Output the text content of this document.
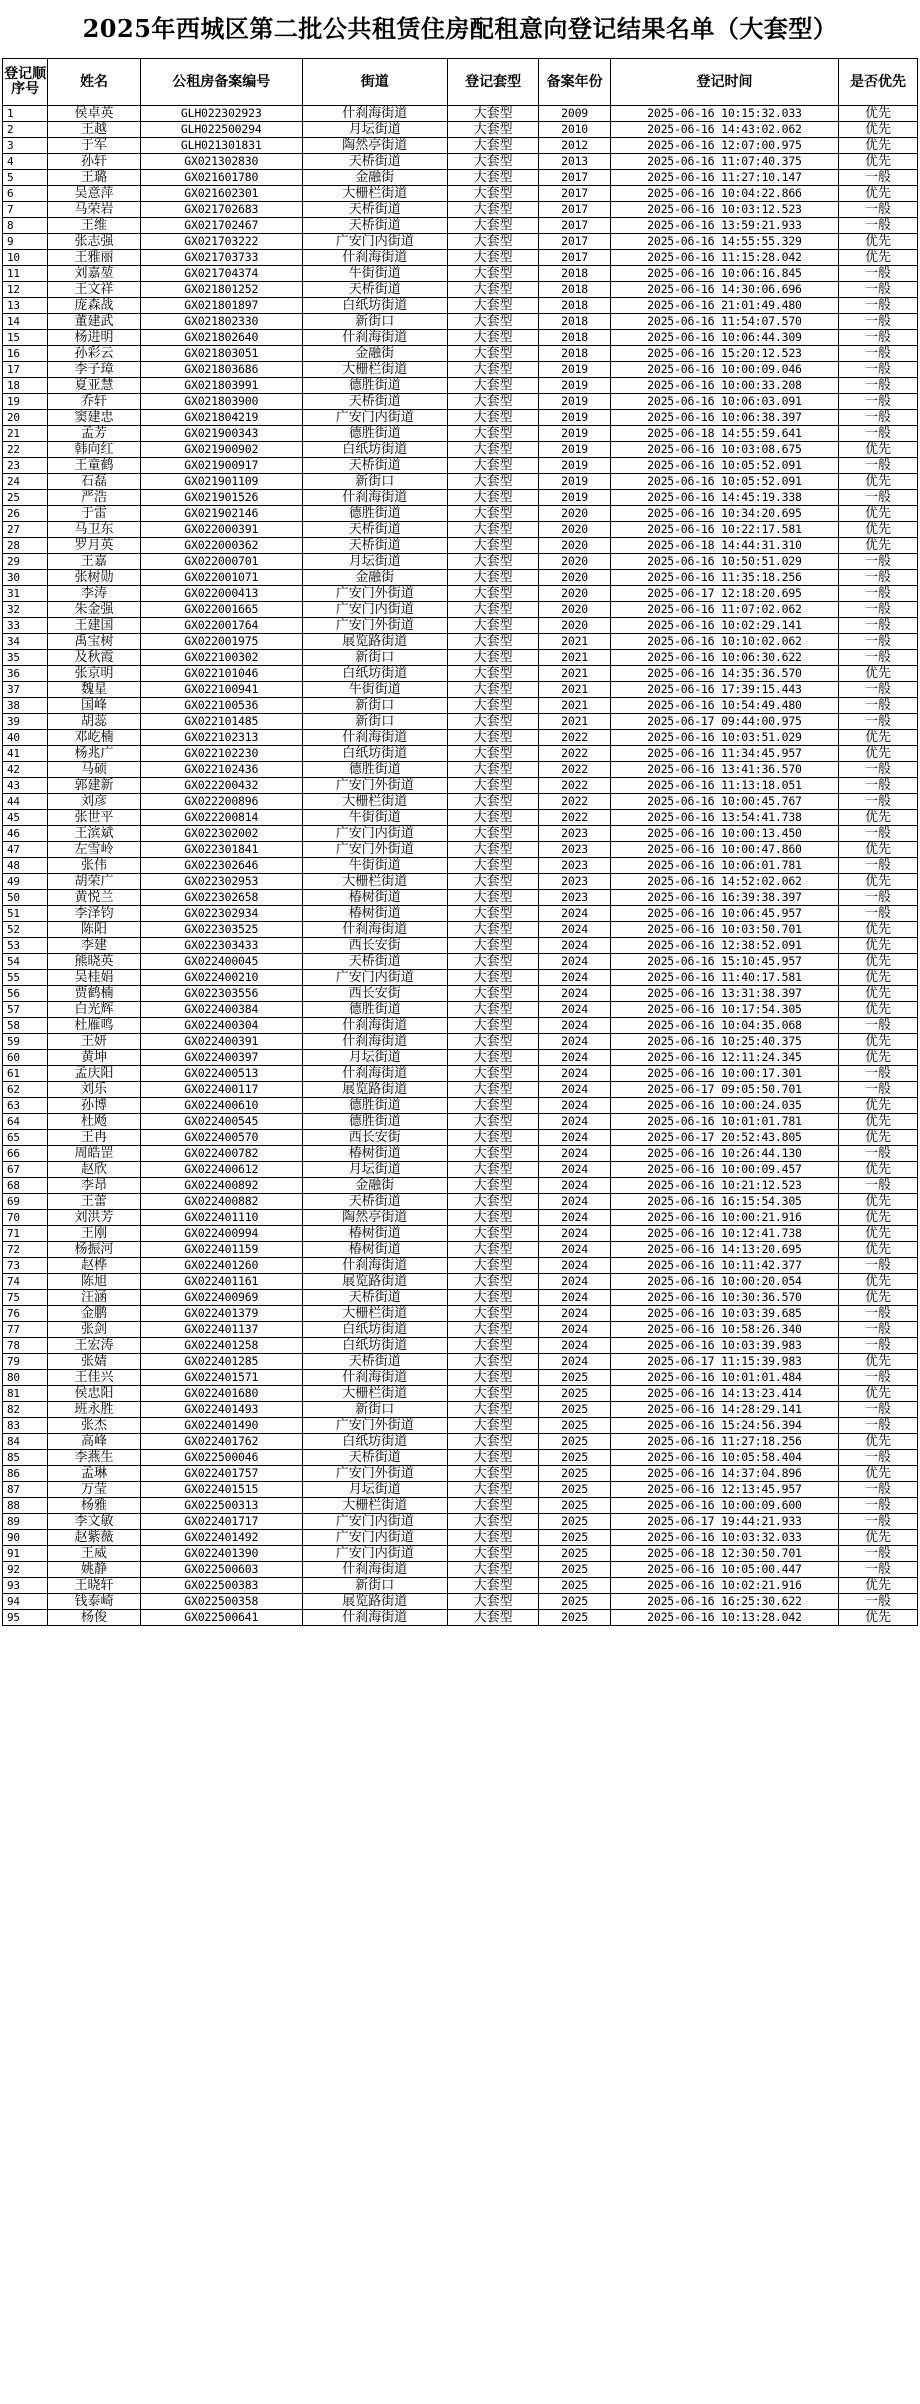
2025年西城区第二批公共租赁住房配租意向登记结果名单（大套型）
登记顺序号	姓名	公租房备案编号	街道	登记套型	备案年份	登记时间	是否优先
1	侯卓英	GLH022302923	什刹海街道	大套型	2009	2025-06-16 10:15:32.033	优先
2	王越	GLH022500294	月坛街道	大套型	2010	2025-06-16 14:43:02.062	优先
3	于军	GLH021301831	陶然亭街道	大套型	2012	2025-06-16 12:07:00.975	优先
4	孙轩	GX021302830	天桥街道	大套型	2013	2025-06-16 11:07:40.375	优先
5	王璐	GX021601780	金融街	大套型	2017	2025-06-16 11:27:10.147	一般
6	吴意萍	GX021602301	大栅栏街道	大套型	2017	2025-06-16 10:04:22.866	优先
7	马荣岩	GX021702683	天桥街道	大套型	2017	2025-06-16 10:03:12.523	一般
8	王维	GX021702467	天桥街道	大套型	2017	2025-06-16 13:59:21.933	一般
9	张志强	GX021703222	广安门内街道	大套型	2017	2025-06-16 14:55:55.329	优先
10	王雅丽	GX021703733	什刹海街道	大套型	2017	2025-06-16 11:15:28.042	优先
11	刘嘉堃	GX021704374	牛街街道	大套型	2018	2025-06-16 10:06:16.845	一般
12	王文祥	GX021801252	天桥街道	大套型	2018	2025-06-16 14:30:06.696	一般
13	庞森战	GX021801897	白纸坊街道	大套型	2018	2025-06-16 21:01:49.480	一般
14	董建武	GX021802330	新街口	大套型	2018	2025-06-16 11:54:07.570	一般
15	杨进明	GX021802640	什刹海街道	大套型	2018	2025-06-16 10:06:44.309	一般
16	孙彩云	GX021803051	金融街	大套型	2018	2025-06-16 15:20:12.523	一般
17	李子璋	GX021803686	大栅栏街道	大套型	2019	2025-06-16 10:00:09.046	一般
18	夏亚慧	GX021803991	德胜街道	大套型	2019	2025-06-16 10:00:33.208	一般
19	乔轩	GX021803900	天桥街道	大套型	2019	2025-06-16 10:06:03.091	一般
20	窦建忠	GX021804219	广安门内街道	大套型	2019	2025-06-16 10:06:38.397	一般
21	孟芳	GX021900343	德胜街道	大套型	2019	2025-06-18 14:55:59.641	一般
22	韩向红	GX021900902	白纸坊街道	大套型	2019	2025-06-16 10:03:08.675	优先
23	王童鹤	GX021900917	天桥街道	大套型	2019	2025-06-16 10:05:52.091	一般
24	石磊	GX021901109	新街口	大套型	2019	2025-06-16 10:05:52.091	优先
25	严浩	GX021901526	什刹海街道	大套型	2019	2025-06-16 14:45:19.338	一般
26	于雷	GX021902146	德胜街道	大套型	2020	2025-06-16 10:34:20.695	优先
27	马卫东	GX022000391	天桥街道	大套型	2020	2025-06-16 10:22:17.581	优先
28	罗月英	GX022000362	天桥街道	大套型	2020	2025-06-18 14:44:31.310	优先
29	王嘉	GX022000701	月坛街道	大套型	2020	2025-06-16 10:50:51.029	一般
30	张树勋	GX022001071	金融街	大套型	2020	2025-06-16 11:35:18.256	一般
31	李涛	GX022000413	广安门外街道	大套型	2020	2025-06-17 12:18:20.695	一般
32	朱金强	GX022001665	广安门内街道	大套型	2020	2025-06-16 11:07:02.062	一般
33	王建国	GX022001764	广安门外街道	大套型	2020	2025-06-16 10:02:29.141	一般
34	禹宝树	GX022001975	展览路街道	大套型	2021	2025-06-16 10:10:02.062	一般
35	及秋霞	GX022100302	新街口	大套型	2021	2025-06-16 10:06:30.622	一般
36	张京明	GX022101046	白纸坊街道	大套型	2021	2025-06-16 14:35:36.570	优先
37	魏星	GX022100941	牛街街道	大套型	2021	2025-06-16 17:39:15.443	一般
38	国峰	GX022100536	新街口	大套型	2021	2025-06-16 10:54:49.480	一般
39	胡蕊	GX022101485	新街口	大套型	2021	2025-06-17 09:44:00.975	一般
40	邓屹楠	GX022102313	什刹海街道	大套型	2022	2025-06-16 10:03:51.029	优先
41	杨兆广	GX022102230	白纸坊街道	大套型	2022	2025-06-16 11:34:45.957	优先
42	马硕	GX022102436	德胜街道	大套型	2022	2025-06-16 13:41:36.570	一般
43	郭建新	GX022200432	广安门外街道	大套型	2022	2025-06-16 11:13:18.051	一般
44	刘彦	GX022200896	大栅栏街道	大套型	2022	2025-06-16 10:00:45.767	一般
45	张世平	GX022200814	牛街街道	大套型	2022	2025-06-16 13:54:41.738	优先
46	王滨斌	GX022302002	广安门内街道	大套型	2023	2025-06-16 10:00:13.450	一般
47	左雪岭	GX022301841	广安门外街道	大套型	2023	2025-06-16 10:00:47.860	优先
48	张伟	GX022302646	牛街街道	大套型	2023	2025-06-16 10:06:01.781	一般
49	胡荣广	GX022302953	大栅栏街道	大套型	2023	2025-06-16 14:52:02.062	优先
50	黄悦兰	GX022302658	椿树街道	大套型	2023	2025-06-16 16:39:38.397	一般
51	李泽钧	GX022302934	椿树街道	大套型	2024	2025-06-16 10:06:45.957	一般
52	陈阳	GX022303525	什刹海街道	大套型	2024	2025-06-16 10:03:50.701	优先
53	李建	GX022303433	西长安街	大套型	2024	2025-06-16 12:38:52.091	优先
54	熊晓英	GX022400045	天桥街道	大套型	2024	2025-06-16 15:10:45.957	优先
55	吴桂娟	GX022400210	广安门内街道	大套型	2024	2025-06-16 11:40:17.581	优先
56	贾鹤楠	GX022303556	西长安街	大套型	2024	2025-06-16 13:31:38.397	优先
57	白光辉	GX022400384	德胜街道	大套型	2024	2025-06-16 10:17:54.305	优先
58	杜雁鸣	GX022400304	什刹海街道	大套型	2024	2025-06-16 10:04:35.068	一般
59	王妍	GX022400391	什刹海街道	大套型	2024	2025-06-16 10:25:40.375	优先
60	黄坤	GX022400397	月坛街道	大套型	2024	2025-06-16 12:11:24.345	优先
61	孟庆阳	GX022400513	什刹海街道	大套型	2024	2025-06-16 10:00:17.301	一般
62	刘乐	GX022400117	展览路街道	大套型	2024	2025-06-17 09:05:50.701	一般
63	孙博	GX022400610	德胜街道	大套型	2024	2025-06-16 10:00:24.035	优先
64	杜飏	GX022400545	德胜街道	大套型	2024	2025-06-16 10:01:01.781	优先
65	王冉	GX022400570	西长安街	大套型	2024	2025-06-17 20:52:43.805	优先
66	周皓罡	GX022400782	椿树街道	大套型	2024	2025-06-16 10:26:44.130	一般
67	赵欣	GX022400612	月坛街道	大套型	2024	2025-06-16 10:00:09.457	优先
68	李昂	GX022400892	金融街	大套型	2024	2025-06-16 10:21:12.523	一般
69	王蕾	GX022400882	天桥街道	大套型	2024	2025-06-16 16:15:54.305	优先
70	刘洪芳	GX022401110	陶然亭街道	大套型	2024	2025-06-16 10:00:21.916	优先
71	王刚	GX022400994	椿树街道	大套型	2024	2025-06-16 10:12:41.738	优先
72	杨振河	GX022401159	椿树街道	大套型	2024	2025-06-16 14:13:20.695	优先
73	赵桦	GX022401260	什刹海街道	大套型	2024	2025-06-16 10:11:42.377	一般
74	陈旭	GX022401161	展览路街道	大套型	2024	2025-06-16 10:00:20.054	优先
75	汪涵	GX022400969	天桥街道	大套型	2024	2025-06-16 10:30:36.570	优先
76	金鹏	GX022401379	大栅栏街道	大套型	2024	2025-06-16 10:03:39.685	一般
77	张剑	GX022401137	白纸坊街道	大套型	2024	2025-06-16 10:58:26.340	一般
78	王宏涛	GX022401258	白纸坊街道	大套型	2024	2025-06-16 10:03:39.983	一般
79	张婧	GX022401285	天桥街道	大套型	2024	2025-06-17 11:15:39.983	优先
80	王佳兴	GX022401571	什刹海街道	大套型	2025	2025-06-16 10:01:01.484	一般
81	侯忠阳	GX022401680	大栅栏街道	大套型	2025	2025-06-16 14:13:23.414	优先
82	班永胜	GX022401493	新街口	大套型	2025	2025-06-16 14:28:29.141	一般
83	张杰	GX022401490	广安门外街道	大套型	2025	2025-06-16 15:24:56.394	一般
84	高峰	GX022401762	白纸坊街道	大套型	2025	2025-06-16 11:27:18.256	优先
85	李燕生	GX022500046	天桥街道	大套型	2025	2025-06-16 10:05:58.404	一般
86	孟琳	GX022401757	广安门外街道	大套型	2025	2025-06-16 14:37:04.896	优先
87	万莹	GX022401515	月坛街道	大套型	2025	2025-06-16 12:13:45.957	一般
88	杨雅	GX022500313	大栅栏街道	大套型	2025	2025-06-16 10:00:09.600	一般
89	李文敏	GX022401717	广安门内街道	大套型	2025	2025-06-17 19:44:21.933	一般
90	赵紫薇	GX022401492	广安门内街道	大套型	2025	2025-06-16 10:03:32.033	优先
91	王威	GX022401390	广安门内街道	大套型	2025	2025-06-18 12:30:50.701	一般
92	姚静	GX022500603	什刹海街道	大套型	2025	2025-06-16 10:05:00.447	一般
93	王晓轩	GX022500383	新街口	大套型	2025	2025-06-16 10:02:21.916	优先
94	钱泰崎	GX022500358	展览路街道	大套型	2025	2025-06-16 16:25:30.622	一般
95	杨俊	GX022500641	什刹海街道	大套型	2025	2025-06-16 10:13:28.042	优先
